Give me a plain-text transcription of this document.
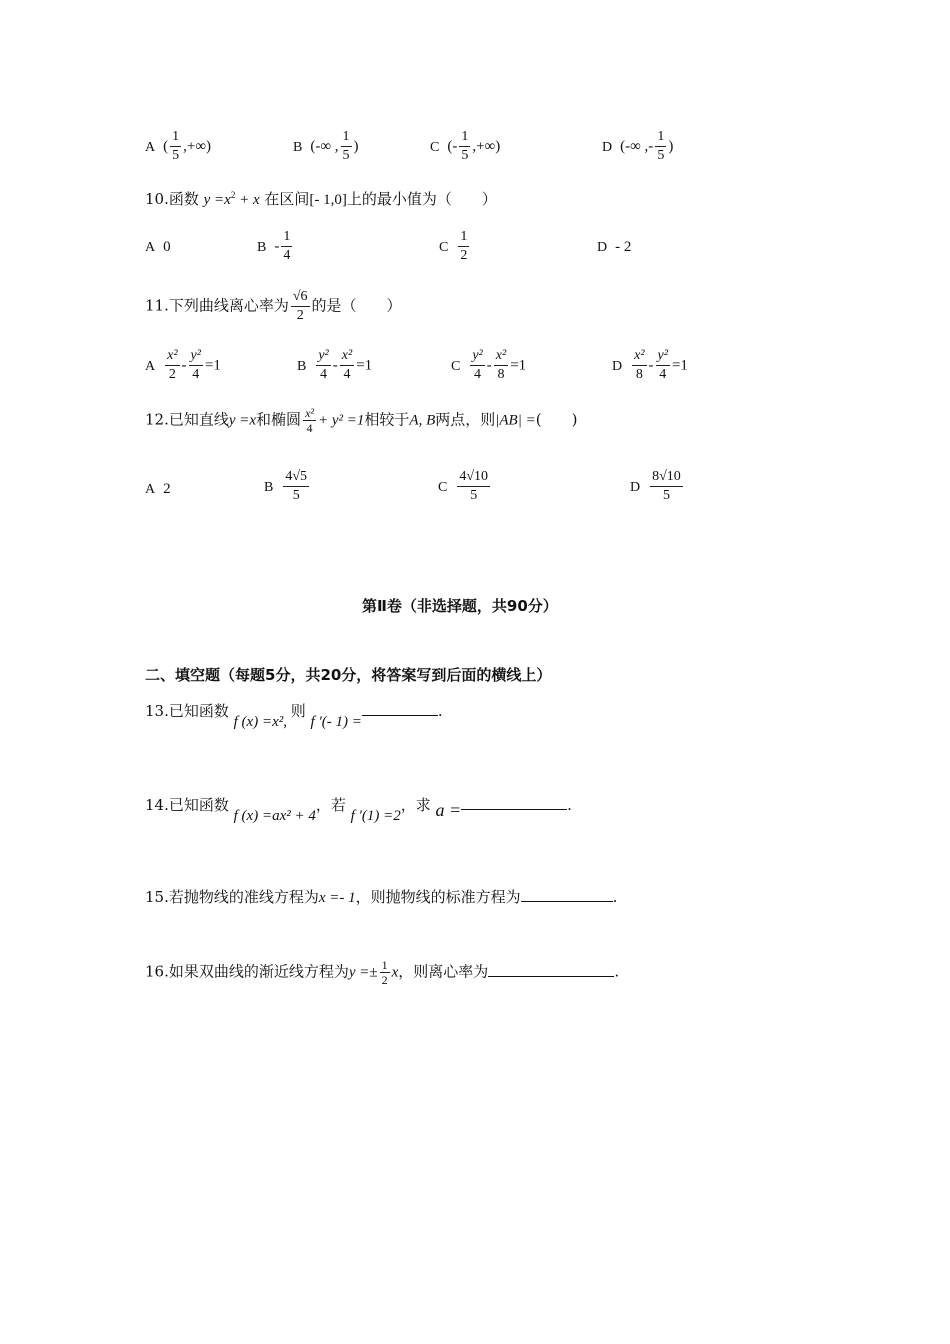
A ( $\frac{1}{5}$ ,+∞)	B (-∞ , $\frac{1}{5}$ )	C (- $\frac{1}{5}$ ,+∞)	D (-∞ ,- $\frac{1}{5}$ )
10.函数 $y =x^2 + x$ 在区间[- 1,0]上的最小值为（　　）
A 0	B - $\frac{1}{4}$	C $\frac{1}{2}$	D - 2
11.下列曲线离心率为 $\frac{√6}{2}$ 的是（　　）
A $\frac{\text{x²}}{2} - \frac{\text{y²}}{4} =1$	B $\frac{\text{y²}}{4} - \frac{\text{x²}}{4} =1$	C $\frac{\text{y²}}{4} - \frac{\text{x²}}{8} =1$	D $\frac{\text{x²}}{8} - \frac{\text{y²}}{4} =1$
12.已知直线y =x和椭圆 $\frac{\text{x²}}{4} + y^2 =1$相较于A, B两点，则|AB| =(　　)
A 2	B $\frac{4√5}{5}$	C $\frac{4√10}{5}$	D $\frac{8√10}{5}$
第Ⅱ卷（非选择题，共90分）
二、填空题（每题5分，共20分，将答案写到后面的横线上）
13.已知函数 f (x) =x², 则 f ′(- 1) =.
14.已知函数 f (x) =ax² + 4，若 f ′(1) =2，求 a =	.
15.若抛物线的准线方程为x =- 1，则抛物线的标准方程为	.
16.如果双曲线的渐近线方程为$y =\pm \frac{1}{2}$ x，则离心率为	.
